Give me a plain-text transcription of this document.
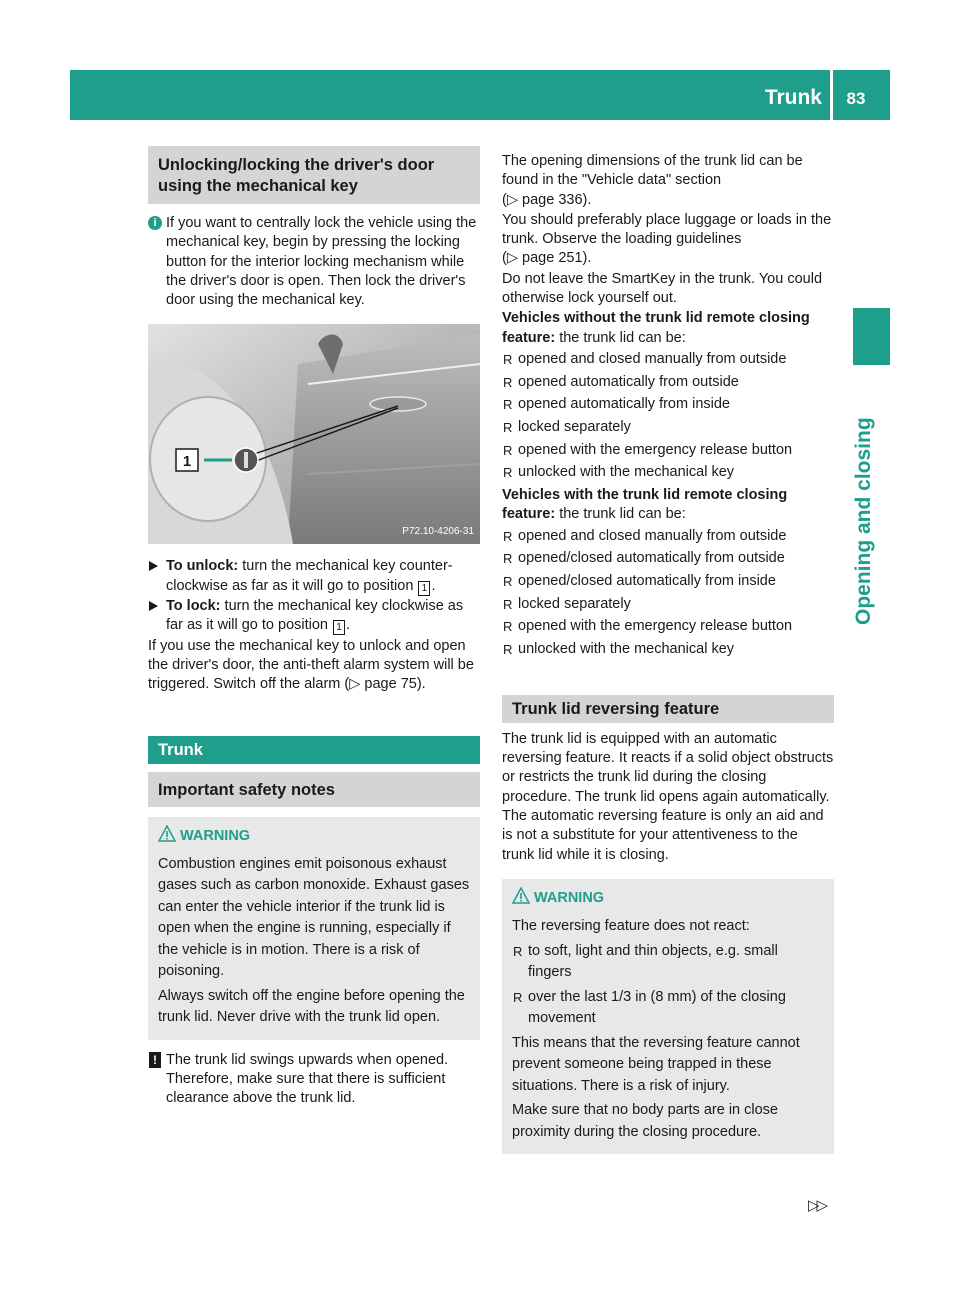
Trunk	83
Opening and closing
Unlocking/locking the driver's door using the mechanical key
i If you want to centrally lock the vehicle using the mechanical key, begin by pressing the locking button for the interior locking mechanism while the driver's door is open. Then lock the driver's door using the mechanical key.
1
P72.10-4206-31
To unlock: turn the mechanical key counter-clockwise as far as it will go to position 1 .
To lock: turn the mechanical key clockwise as far as it will go to position 1 .

If you use the mechanical key to unlock and open the driver's door, the anti-theft alarm system will be triggered. Switch off the alarm (▷ page 75).

Trunk
Important safety notes
WARNING

Combustion engines emit poisonous exhaust gases such as carbon monoxide. Exhaust gases can enter the vehicle interior if the trunk lid is open when the engine is running, especially if the vehicle is in motion. There is a risk of poisoning.

Always switch off the engine before opening the trunk lid. Never drive with the trunk lid open.

! The trunk lid swings upwards when opened. Therefore, make sure that there is sufficient clearance above the trunk lid.

The opening dimensions of the trunk lid can be found in the "Vehicle data" section
(▷ page 336).

You should preferably place luggage or loads in the trunk. Observe the loading guidelines
(▷ page 251).

Do not leave the SmartKey in the trunk. You could otherwise lock yourself out.

Vehicles without the trunk lid remote closing feature: the trunk lid can be:

R opened and closed manually from outside
R opened automatically from outside
R opened automatically from inside
R locked separately
R opened with the emergency release button
R unlocked with the mechanical key

Vehicles with the trunk lid remote closing feature: the trunk lid can be:

R opened and closed manually from outside
R opened/closed automatically from outside
R opened/closed automatically from inside
R locked separately
R opened with the emergency release button
R unlocked with the mechanical key
Trunk lid reversing feature

The trunk lid is equipped with an automatic reversing feature. It reacts if a solid object obstructs or restricts the trunk lid during the closing procedure. The trunk lid opens again automatically. The automatic reversing feature is only an aid and is not a substitute for your attentiveness to the trunk lid while it is closing.

WARNING

The reversing feature does not react:

R to soft, light and thin objects, e.g. small fingers
R over the last 1/3 in (8 mm) of the closing movement

This means that the reversing feature cannot prevent someone being trapped in these situations. There is a risk of injury.

Make sure that no body parts are in close proximity during the closing procedure.

▷▷
